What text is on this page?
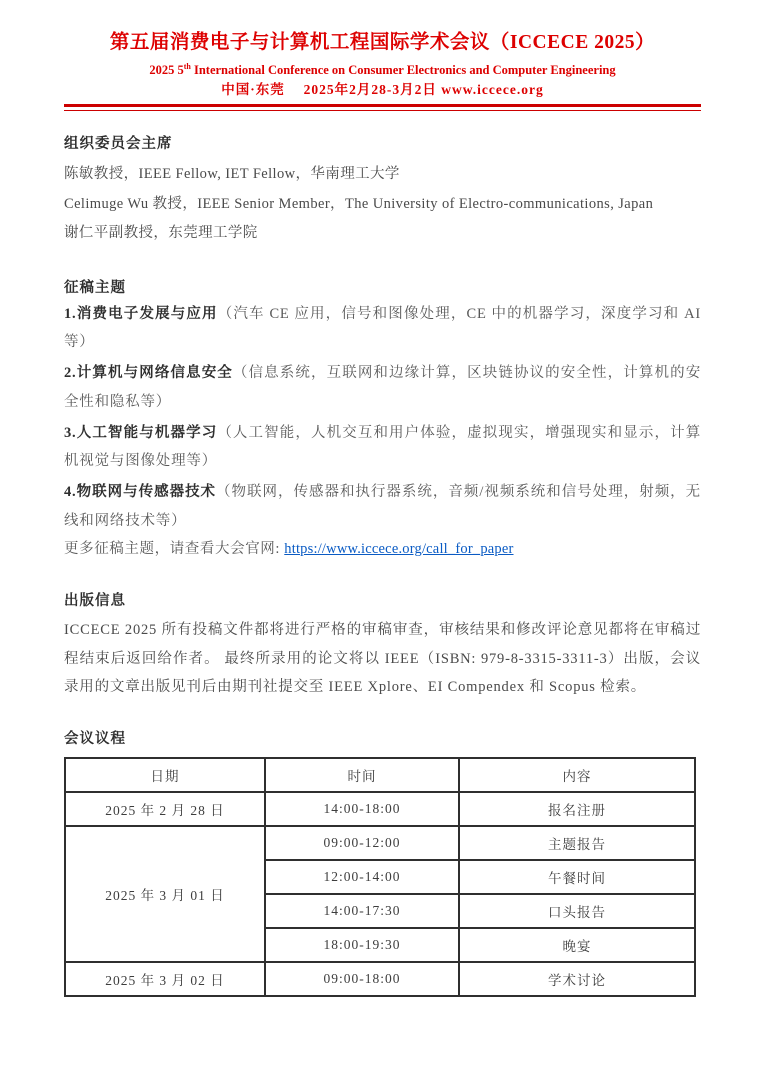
第五届消费电子与计算机工程国际学术会议（ICCECE 2025）
2025 5th International Conference on Consumer Electronics and Computer Engineering
中国·东莞　 2025年2月28-3月2日 www.iccece.org
组织委员会主席
陈敏教授，IEEE Fellow, IET Fellow，华南理工大学
Celimuge Wu 教授，IEEE Senior Member，The University of Electro-communications, Japan
谢仁平副教授，东莞理工学院
征稿主题

1.消费电子发展与应用（汽车 CE 应用，信号和图像处理，CE 中的机器学习，深度学习和 AI 等）

2.计算机与网络信息安全（信息系统，互联网和边缘计算，区块链协议的安全性，计算机的安全性和隐私等）

3.人工智能与机器学习（人工智能，人机交互和用户体验，虚拟现实，增强现实和显示，计算机视觉与图像处理等）

4.物联网与传感器技术（物联网，传感器和执行器系统，音频/视频系统和信号处理，射频，无线和网络技术等）

更多征稿主题，请查看大会官网: https://www.iccece.org/call_for_paper

出版信息

ICCECE 2025 所有投稿文件都将进行严格的审稿审查，审核结果和修改评论意见都将在审稿过程结束后返回给作者。 最终所录用的论文将以 IEEE（ISBN: 979-8-3315-3311-3）出版，会议录用的文章出版见刊后由期刊社提交至 IEEE Xplore、EI Compendex 和 Scopus 检索。

会议议程
日期	时间	内容
2025 年 2 月 28 日	14:00-18:00	报名注册
2025 年 3 月 01 日	09:00-12:00	主题报告
	12:00-14:00	午餐时间
	14:00-17:30	口头报告
	18:00-19:30	晚宴
2025 年 3 月 02 日	09:00-18:00	学术讨论
